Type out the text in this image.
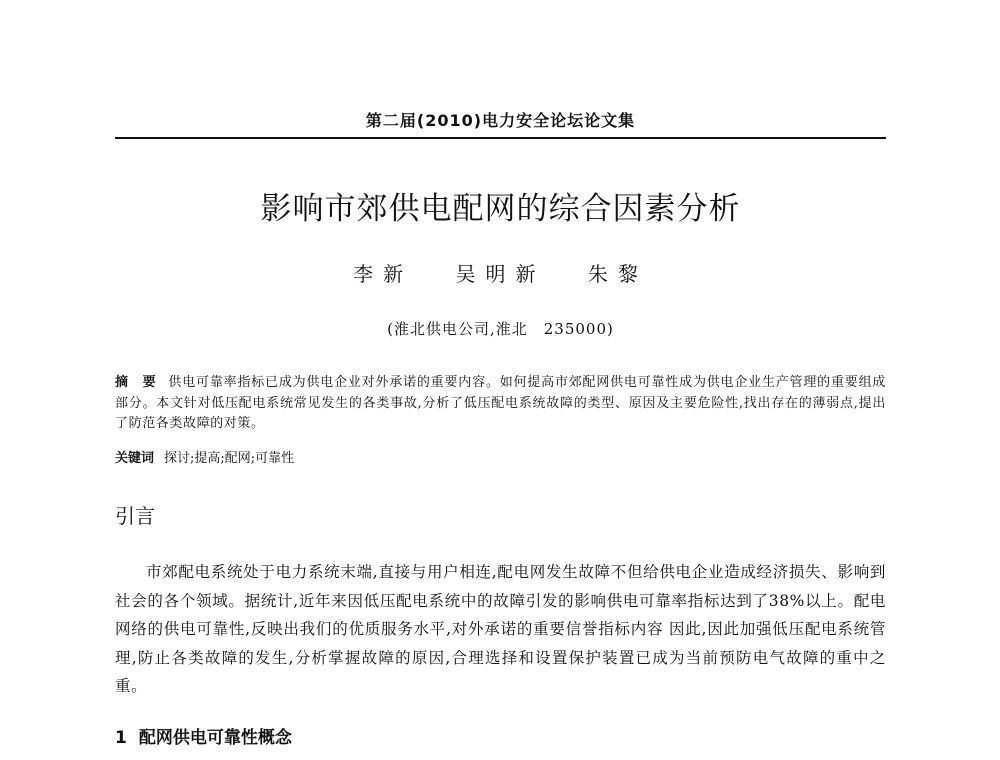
第二届(2010)电力安全论坛论文集
影响市郊供电配网的综合因素分析
李新 吴明新 朱黎
(淮北供电公司,淮北　235000)
摘　要 供电可靠率指标已成为供电企业对外承诺的重要内容。如何提高市郊配网供电可靠性成为供电企业生产管理的重要组成部分。本文针对低压配电系统常见发生的各类事故,分析了低压配电系统故障的类型、原因及主要危险性,找出存在的薄弱点,提出了防范各类故障的对策。
关键词 探讨;提高;配网;可靠性
引言
市郊配电系统处于电力系统末端,直接与用户相连,配电网发生故障不但给供电企业造成经济损失、影响到社会的各个领域。据统计,近年来因低压配电系统中的故障引发的影响供电可靠率指标达到了38%以上。配电网络的供电可靠性,反映出我们的优质服务水平,对外承诺的重要信誉指标内容 因此,因此加强低压配电系统管理,防止各类故障的发生,分析掌握故障的原因,合理选择和设置保护装置已成为当前预防电气故障的重中之重。
1 配网供电可靠性概念
